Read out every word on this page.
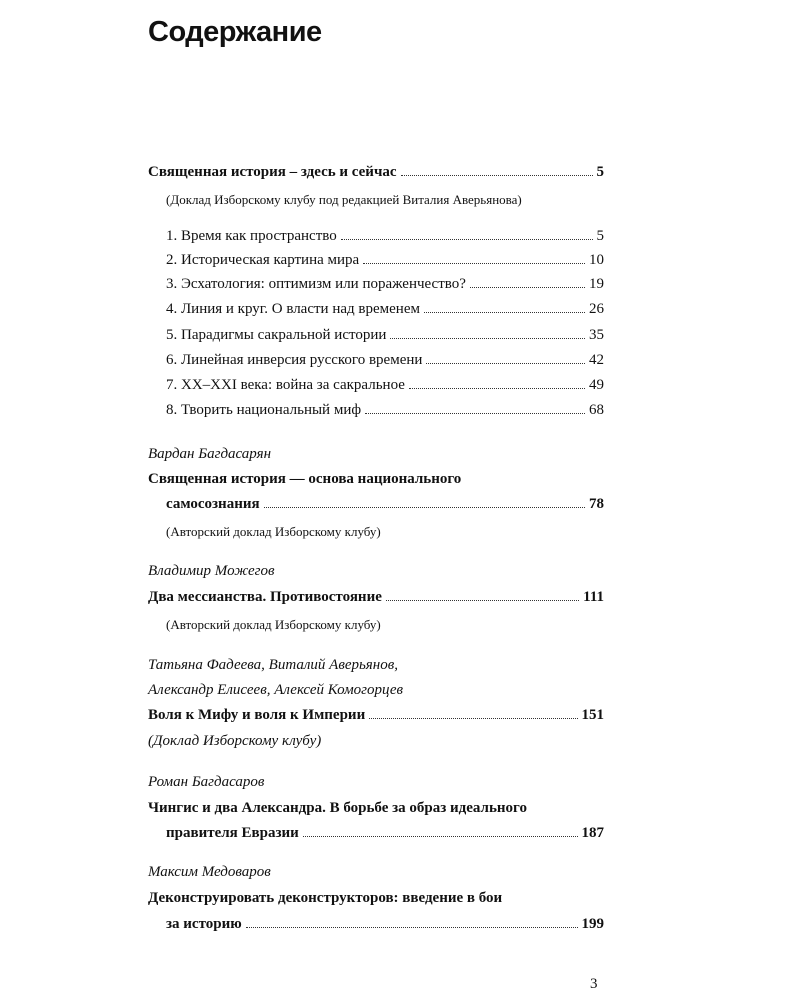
Содержание
Священная история – здесь и сейчас	5
(Доклад Изборскому клубу под редакцией Виталия Аверьянова)
1. Время как пространство	5
2. Историческая картина мира	10
3. Эсхатология: оптимизм или пораженчество?	19
4. Линия и круг. О власти над временем	26
5. Парадигмы сакральной истории	35
6. Линейная инверсия русского времени	42
7. XX–XXI века: война за сакральное	49
8. Творить национальный миф	68
Вардан Багдасарян
Священная история — основа национального
самосознания	78
(Авторский доклад Изборскому клубу)
Владимир Можегов
Два мессианства. Противостояние	111
(Авторский доклад Изборскому клубу)
Татьяна Фадеева, Виталий Аверьянов,
Александр Елисеев, Алексей Комогорцев
Воля к Мифу и воля к Империи	151
(Доклад Изборскому клубу)
Роман Багдасаров
Чингис и два Александра. В борьбе за образ идеального
правителя Евразии	187
Максим Медоваров
Деконструировать деконструкторов: введение в бои
за историю	199
3
